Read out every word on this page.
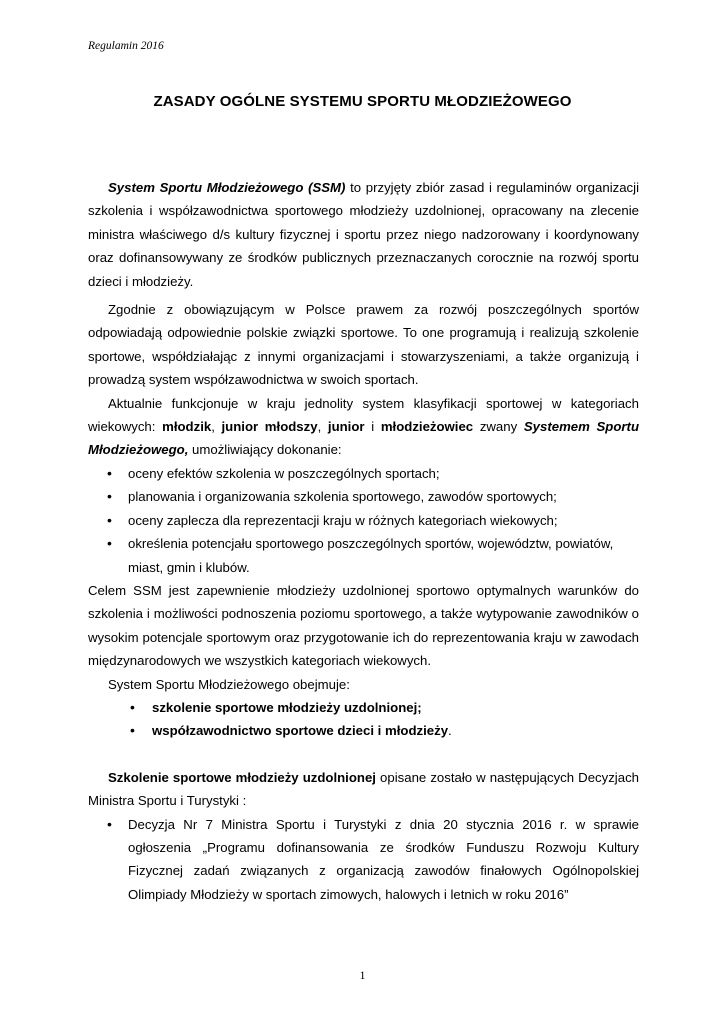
Regulamin 2016
ZASADY OGÓLNE SYSTEMU SPORTU MŁODZIEŻOWEGO

System Sportu Młodzieżowego (SSM) to przyjęty zbiór zasad i regulaminów organizacji szkolenia i współzawodnictwa sportowego młodzieży uzdolnionej, opracowany na zlecenie ministra właściwego d/s kultury fizycznej i sportu przez niego nadzorowany i koordynowany oraz dofinansowywany ze środków publicznych przeznaczanych corocznie na rozwój sportu dzieci i młodzieży.

Zgodnie z obowiązującym w Polsce prawem za rozwój poszczególnych sportów odpowiadają odpowiednie polskie związki sportowe. To one programują i realizują szkolenie sportowe, współdziałając z innymi organizacjami i stowarzyszeniami, a także organizują i prowadzą system współzawodnictwa w swoich sportach.

Aktualnie funkcjonuje w kraju jednolity system klasyfikacji sportowej w kategoriach wiekowych: młodzik, junior młodszy, junior i młodzieżowiec zwany Systemem Sportu Młodzieżowego, umożliwiający dokonanie:

• oceny efektów szkolenia w poszczególnych sportach;
• planowania i organizowania szkolenia sportowego, zawodów sportowych;
• oceny zaplecza dla reprezentacji kraju w różnych kategoriach wiekowych;
• określenia potencjału sportowego poszczególnych sportów, województw, powiatów, miast, gmin i klubów.

Celem SSM jest zapewnienie młodzieży uzdolnionej sportowo optymalnych warunków do szkolenia i możliwości podnoszenia poziomu sportowego, a także wytypowanie zawodników o wysokim potencjale sportowym oraz przygotowanie ich do reprezentowania kraju w zawodach międzynarodowych we wszystkich kategoriach wiekowych.

System Sportu Młodzieżowego obejmuje:

• szkolenie sportowe młodzieży uzdolnionej;
• współzawodnictwo sportowe dzieci i młodzieży.

Szkolenie sportowe młodzieży uzdolnionej opisane zostało w następujących Decyzjach Ministra Sportu i Turystyki :

• Decyzja Nr 7 Ministra Sportu i Turystyki z dnia 20 stycznia 2016 r. w sprawie ogłoszenia „Programu dofinansowania ze środków Funduszu Rozwoju Kultury Fizycznej zadań związanych z organizacją zawodów finałowych Ogólnopolskiej Olimpiady Młodzieży w sportach zimowych, halowych i letnich w roku 2016”
1
